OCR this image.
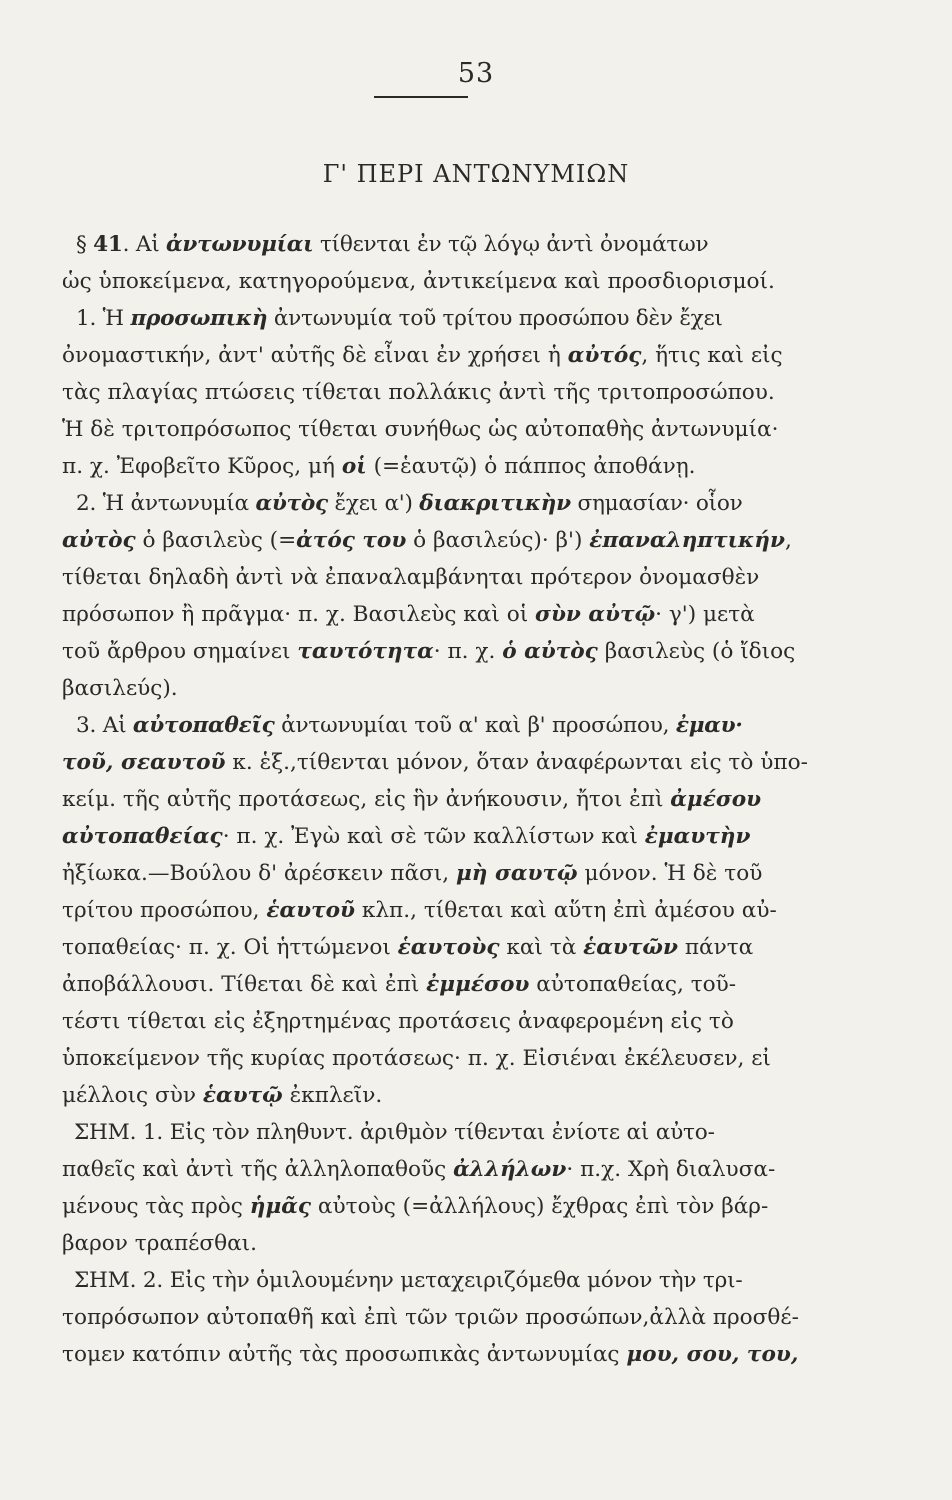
53
Γ' ΠΕΡΙ ΑΝΤΩΝΥΜΙΩΝ
§ 41. Αἱ ἀντωνυμίαι τίθενται ἐν τῷ λόγῳ ἀντὶ ὀνομάτων
ὡς ὑποκείμενα, κατηγορούμενα, ἀντικείμενα καὶ προσδιορισμοί.
1. Ἡ προσωπικὴ ἀντωνυμία τοῦ τρίτου προσώπου δὲν ἔχει
ὀνομαστικήν, ἀντ' αὐτῆς δὲ εἶναι ἐν χρήσει ἡ αὐτός, ἥτις καὶ εἰς
τὰς πλαγίας πτώσεις τίθεται πολλάκις ἀντὶ τῆς τριτοπροσώπου.
Ἡ δὲ τριτοπρόσωπος τίθεται συνήθως ὡς αὐτοπαθὴς ἀντωνυμία·
π. χ. Ἐφοβεῖτο Κῦρος, μή οἱ (=ἑαυτῷ) ὁ πάππος ἀποθάνῃ.
2. Ἡ ἀντωνυμία αὐτὸς ἔχει α') διακριτικὴν σημασίαν· οἷον
αὐτὸς ὁ βασιλεὺς (=ἀτός του ὁ βασιλεύς)· β') ἐπαναληπτικήν,
τίθεται δηλαδὴ ἀντὶ νὰ ἐπαναλαμβάνηται πρότερον ὀνομασθὲν
πρόσωπον ἢ πρᾶγμα· π. χ. Βασιλεὺς καὶ οἱ σὺν αὐτῷ· γ') μετὰ
τοῦ ἄρθρου σημαίνει ταυτότητα· π. χ. ὁ αὐτὸς βασιλεὺς (ὁ ἴδιος
βασιλεύς).
3. Αἱ αὐτοπαθεῖς ἀντωνυμίαι τοῦ α' καὶ β' προσώπου, ἐμαυ·
τοῦ, σεαυτοῦ κ. ἑξ.,τίθενται μόνον, ὅταν ἀναφέρωνται εἰς τὸ ὑπο-
κείμ. τῆς αὐτῆς προτάσεως, εἰς ἣν ἀνήκουσιν, ἤτοι ἐπὶ ἀμέσου
αὐτοπαθείας· π. χ. Ἐγὼ καὶ σὲ τῶν καλλίστων καὶ ἐμαυτὴν
ἠξίωκα.—Βούλου δ' ἀρέσκειν πᾶσι, μὴ σαυτῷ μόνον. Ἡ δὲ τοῦ
τρίτου προσώπου, ἑαυτοῦ κλπ., τίθεται καὶ αὕτη ἐπὶ ἀμέσου αὐ-
τοπαθείας· π. χ. Οἱ ἡττώμενοι ἑαυτοὺς καὶ τὰ ἑαυτῶν πάντα
ἀποβάλλουσι. Τίθεται δὲ καὶ ἐπὶ ἐμμέσου αὐτοπαθείας, τοῦ-
τέστι τίθεται εἰς ἐξηρτημένας προτάσεις ἀναφερομένη εἰς τὸ
ὑποκείμενον τῆς κυρίας προτάσεως· π. χ. Εἰσιέναι ἐκέλευσεν, εἰ
μέλλοις σὺν ἑαυτῷ ἐκπλεῖν.
ΣΗΜ. 1. Εἰς τὸν πληθυντ. ἀριθμὸν τίθενται ἐνίοτε αἱ αὐτο-
παθεῖς καὶ ἀντὶ τῆς ἀλληλοπαθοῦς ἀλλήλων· π.χ. Χρὴ διαλυσα-
μένους τὰς πρὸς ἡμᾶς αὐτοὺς (=ἀλλήλους) ἔχθρας ἐπὶ τὸν βάρ-
βαρον τραπέσθαι.
ΣΗΜ. 2. Εἰς τὴν ὁμιλουμένην μεταχειριζόμεθα μόνον τὴν τρι-
τοπρόσωπον αὐτοπαθῆ καὶ ἐπὶ τῶν τριῶν προσώπων,ἀλλὰ προσθέ-
τομεν κατόπιν αὐτῆς τὰς προσωπικὰς ἀντωνυμίας μου, σου, του,
